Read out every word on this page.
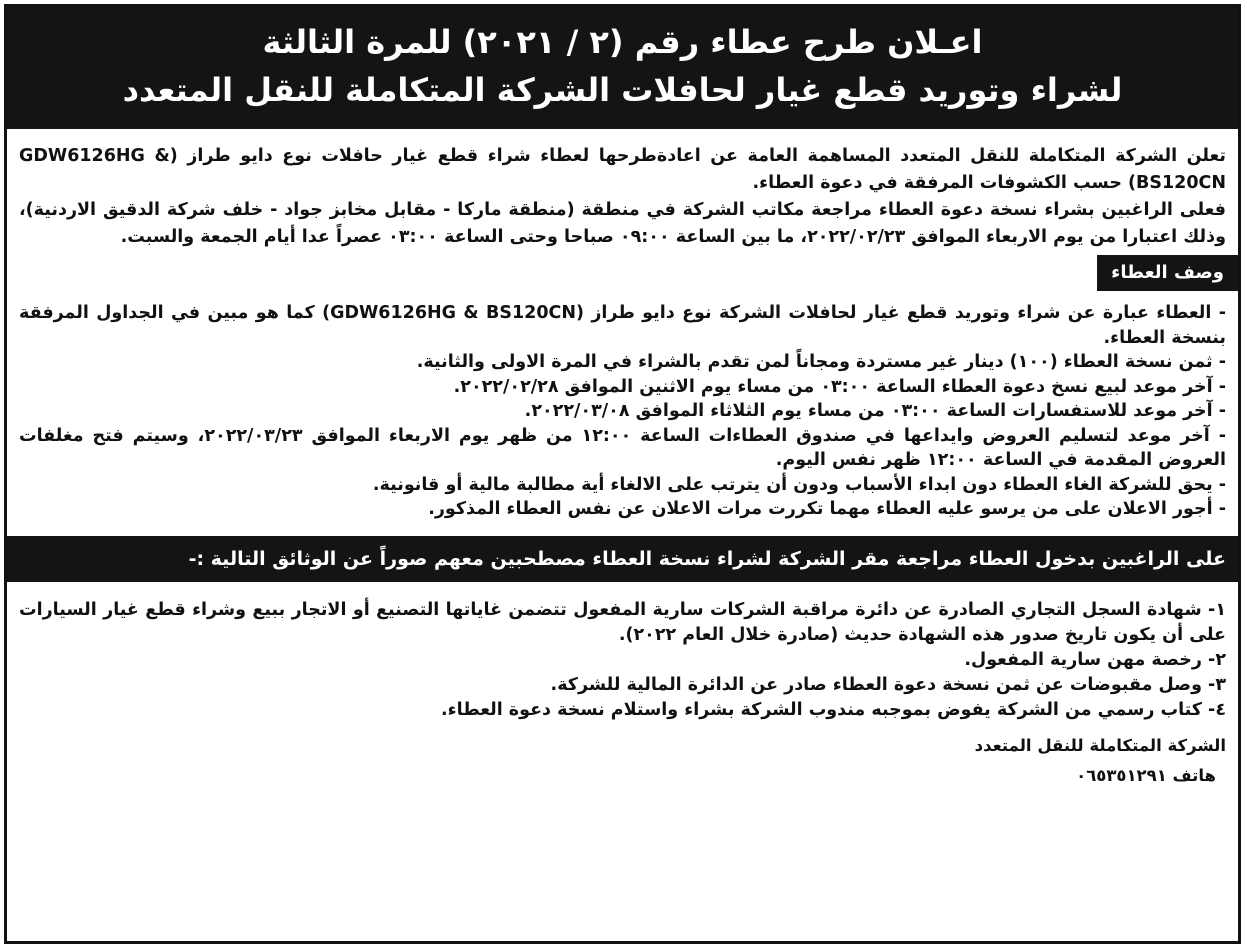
اعـلان طرح عطاء رقم (٢ / ٢٠٢١) للمرة الثالثة
لشراء وتوريد قطع غيار لحافلات الشركة المتكاملة للنقل المتعدد

تعلن الشركة المتكاملة للنقل المتعدد المساهمة العامة عن اعادةطرحها لعطاء شراء قطع غيار حافلات نوع دايو طراز (GDW6126HG & BS120CN) حسب الكشوفات المرفقة في دعوة العطاء.

فعلى الراغبين بشراء نسخة دعوة العطاء مراجعة مكاتب الشركة في منطقة (منطقة ماركا - مقابل مخابز جواد - خلف شركة الدقيق الاردنية)، وذلك اعتبارا من يوم الاربعاء الموافق ٢٠٢٢/٠٢/٢٣، ما بين الساعة ٠٩:٠٠ صباحا وحتى الساعة ٠٣:٠٠ عصراً عدا أيام الجمعة والسبت.

وصف العطاء

- العطاء عبارة عن شراء وتوريد قطع غيار لحافلات الشركة نوع دايو طراز (GDW6126HG & BS120CN) كما هو مبين في الجداول المرفقة بنسخة العطاء.

- ثمن نسخة العطاء (١٠٠) دينار غير مستردة ومجاناً لمن تقدم بالشراء في المرة الاولى والثانية.

- آخر موعد لبيع نسخ دعوة العطاء الساعة ٠٣:٠٠ من مساء يوم الاثنين الموافق ٢٠٢٢/٠٢/٢٨.

- آخر موعد للاستفسارات الساعة ٠٣:٠٠ من مساء يوم الثلاثاء الموافق ٢٠٢٢/٠٣/٠٨.

- آخر موعد لتسليم العروض وايداعها في صندوق العطاءات الساعة ١٢:٠٠ من ظهر يوم الاربعاء الموافق ٢٠٢٢/٠٣/٢٣، وسيتم فتح مغلفات العروض المقدمة في الساعة ١٢:٠٠ ظهر نفس اليوم.

- يحق للشركة الغاء العطاء دون ابداء الأسباب ودون أن يترتب على الالغاء أية مطالبة مالية أو قانونية.

- أجور الاعلان على من يرسو عليه العطاء مهما تكررت مرات الاعلان عن نفس العطاء المذكور.

على الراغبين بدخول العطاء مراجعة مقر الشركة لشراء نسخة العطاء مصطحبين معهم صوراً عن الوثائق التالية :-

١- شهادة السجل التجاري الصادرة عن دائرة مراقبة الشركات سارية المفعول تتضمن غاياتها التصنيع أو الاتجار ببيع وشراء قطع غيار السيارات على أن يكون تاريخ صدور هذه الشهادة حديث (صادرة خلال العام ٢٠٢٢).

٢- رخصة مهن سارية المفعول.

٣- وصل مقبوضات عن ثمن نسخة دعوة العطاء صادر عن الدائرة المالية للشركة.

٤- كتاب رسمي من الشركة يفوض بموجبه مندوب الشركة بشراء واستلام نسخة دعوة العطاء.

الشركة المتكاملة للنقل المتعدد
هاتف ٠٦٥٣٥١٢٩١
